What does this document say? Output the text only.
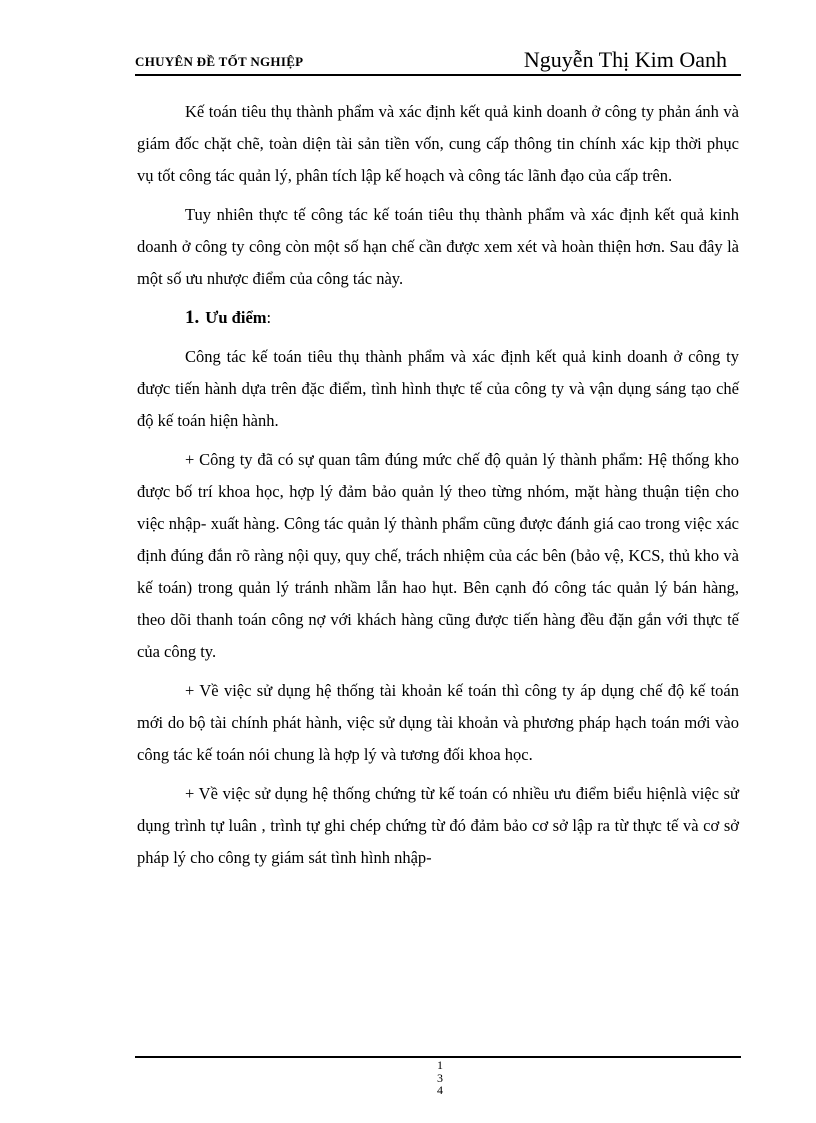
CHUYÊN ĐỀ TỐT NGHIỆP	Nguyễn Thị Kim Oanh

Kế toán tiêu thụ thành phẩm và xác định kết quả kinh doanh ở công ty phản ánh và giám đốc chặt chẽ, toàn diện tài sản tiền vốn, cung cấp thông tin chính xác kịp thời phục vụ tốt công tác quản lý, phân tích lập kế hoạch và công tác lãnh đạo của cấp trên.

Tuy nhiên thực tế công tác kế toán tiêu thụ thành phẩm và xác định kết quả kinh doanh ở công ty công còn một số hạn chế cần được xem xét và hoàn thiện hơn. Sau đây là một số ưu nhược điểm của công tác này.

1. Ưu điểm:

Công tác kế toán tiêu thụ thành phẩm và xác định kết quả kinh doanh ở công ty được tiến hành dựa trên đặc điểm, tình hình thực tế của công ty và vận dụng sáng tạo chế độ kế toán hiện hành.

+ Công ty đã có sự quan tâm đúng mức chế độ quản lý thành phẩm: Hệ thống kho được bố trí khoa học, hợp lý đảm bảo quản lý theo từng nhóm, mặt hàng thuận tiện cho việc nhập- xuất hàng. Công tác quản lý thành phẩm cũng được đánh giá cao trong việc xác định đúng đắn rõ ràng nội quy, quy chế, trách nhiệm của các bên (bảo vệ, KCS, thủ kho và kế toán) trong quản lý tránh nhầm lẫn hao hụt. Bên cạnh đó công tác quản lý bán hàng, theo dõi thanh toán công nợ với khách hàng cũng được tiến hàng đều đặn gắn với thực tế của công ty.

+ Về việc sử dụng hệ thống tài khoản kế toán thì công ty áp dụng chế độ kế toán mới do bộ tài chính phát hành, việc sử dụng tài khoản và phương pháp hạch toán mới vào công tác kế toán nói chung là hợp lý và tương đối khoa học.

+ Về việc sử dụng hệ thống chứng từ kế toán có nhiều ưu điểm biểu hiệnlà việc sử dụng trình tự luân , trình tự ghi chép chứng từ đó đảm bảo cơ sở lập ra từ thực tế và cơ sở pháp lý cho công ty giám sát tình hình nhập-

1
3
4
